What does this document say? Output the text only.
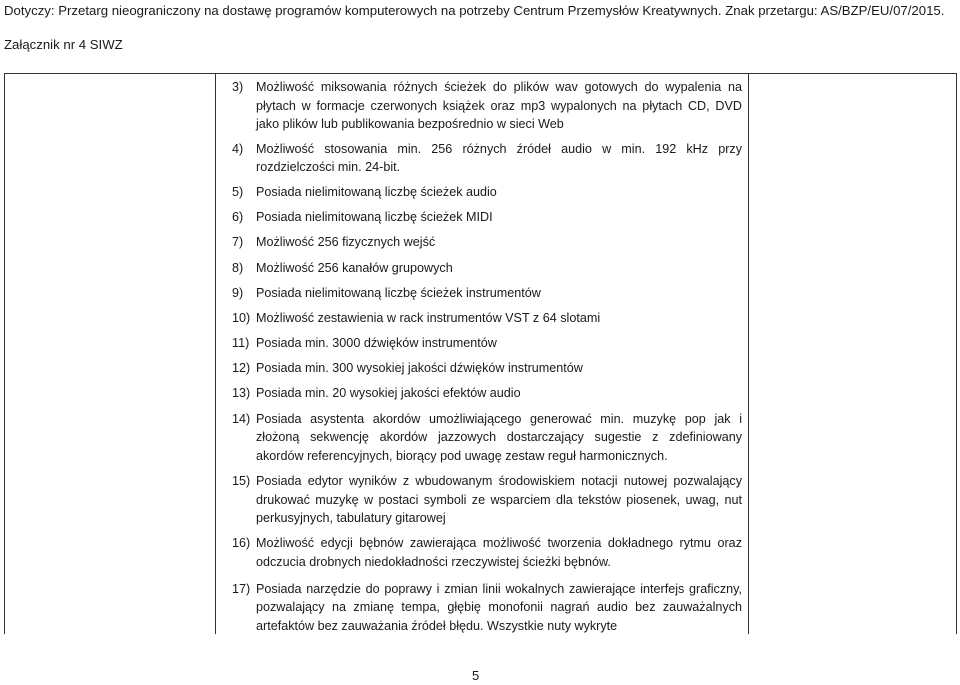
Dotyczy: Przetarg nieograniczony na dostawę programów komputerowych na potrzeby Centrum Przemysłów Kreatywnych. Znak przetargu: AS/BZP/EU/07/2015.
Załącznik nr 4 SIWZ
3)	Możliwość miksowania różnych ścieżek do plików wav gotowych do wypalenia na płytach w formacje czerwonych książek oraz mp3 wypalonych na płytach CD, DVD jako plików lub publikowania bezpośrednio w sieci Web
4)	Możliwość stosowania min. 256 różnych źródeł audio w min. 192 kHz przy rozdzielczości min. 24-bit.
5)	Posiada nielimitowaną liczbę ścieżek audio
6)	Posiada nielimitowaną liczbę ścieżek MIDI
7)	Możliwość 256 fizycznych wejść
8)	Możliwość 256 kanałów grupowych
9)	Posiada nielimitowaną liczbę ścieżek instrumentów
10) Możliwość zestawienia w rack instrumentów VST z 64 slotami
11) Posiada min. 3000 dźwięków instrumentów
12) Posiada min. 300 wysokiej jakości dźwięków instrumentów
13) Posiada min. 20 wysokiej jakości efektów audio
14) Posiada asystenta akordów umożliwiającego generować min. muzykę pop jak i złożoną sekwencję akordów jazzowych dostarczający sugestie z zdefiniowany akordów referencyjnych, biorący pod uwagę zestaw reguł harmonicznych.
15) Posiada edytor wyników z wbudowanym środowiskiem notacji nutowej pozwalający drukować muzykę w postaci symboli ze wsparciem dla tekstów piosenek, uwag, nut perkusyjnych, tabulatury gitarowej
16) Możliwość edycji bębnów zawierająca możliwość tworzenia dokładnego rytmu oraz odczucia drobnych niedokładności rzeczywistej ścieżki bębnów.
17) Posiada narzędzie do poprawy i zmian linii wokalnych zawierające interfejs graficzny, pozwalający na zmianę tempa, głębię monofonii nagrań audio bez zauważalnych artefaktów bez zauważania źródeł błędu. Wszystkie nuty wykryte
5
